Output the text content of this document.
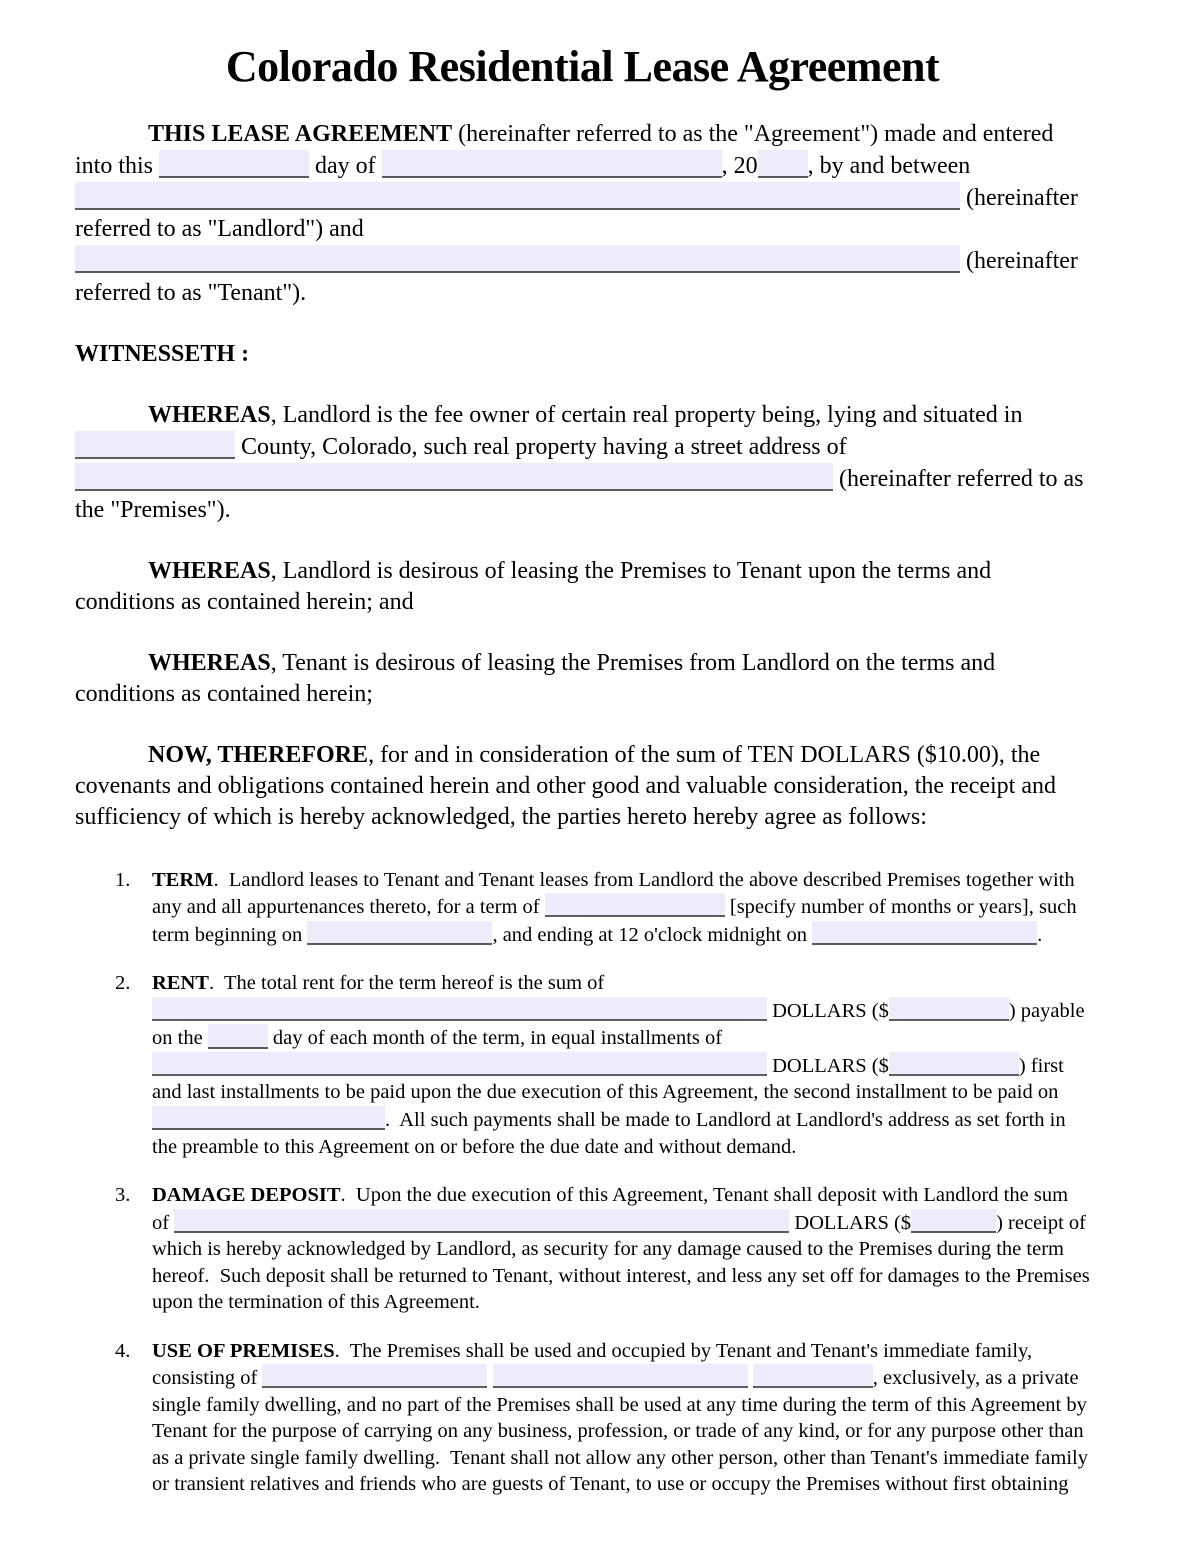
Colorado Residential Lease Agreement
THIS LEASE AGREEMENT (hereinafter referred to as the "Agreement") made and entered into this	day of	, 20 , by and between  (hereinafter referred to as "Landlord") and  (hereinafter referred to as "Tenant").
WITNESSETH :
WHEREAS, Landlord is the fee owner of certain real property being, lying and situated in  County, Colorado, such real property having a street address of  (hereinafter referred to as the "Premises").
WHEREAS, Landlord is desirous of leasing the Premises to Tenant upon the terms and conditions as contained herein; and
WHEREAS, Tenant is desirous of leasing the Premises from Landlord on the terms and conditions as contained herein;
NOW, THEREFORE, for and in consideration of the sum of TEN DOLLARS ($10.00), the covenants and obligations contained herein and other good and valuable consideration, the receipt and sufficiency of which is hereby acknowledged, the parties hereto hereby agree as follows:
1.	TERM.  Landlord leases to Tenant and Tenant leases from Landlord the above described Premises together with any and all appurtenances thereto, for a term of	[specify number of months or years], such term beginning on	, and ending at 12 o'clock midnight on	.
2.	RENT.  The total rent for the term hereof is the sum of  DOLLARS ($	) payable on the	day of each month of the term, in equal installments of  DOLLARS ($	) first and last installments to be paid upon the due execution of this Agreement, the second installment to be paid on .  All such payments shall be made to Landlord at Landlord's address as set forth in the preamble to this Agreement on or before the due date and without demand.
3.	DAMAGE DEPOSIT.  Upon the due execution of this Agreement, Tenant shall deposit with Landlord the sum of	DOLLARS ($	) receipt of which is hereby acknowledged by Landlord, as security for any damage caused to the Premises during the term hereof.  Such deposit shall be returned to Tenant, without interest, and less any set off for damages to the Premises upon the termination of this Agreement.
4.	USE OF PREMISES.  The Premises shall be used and occupied by Tenant and Tenant's immediate family, consisting of	, exclusively, as a private single family dwelling, and no part of the Premises shall be used at any time during the term of this Agreement by Tenant for the purpose of carrying on any business, profession, or trade of any kind, or for any purpose other than as a private single family dwelling.  Tenant shall not allow any other person, other than Tenant's immediate family or transient relatives and friends who are guests of Tenant, to use or occupy the Premises without first obtaining
